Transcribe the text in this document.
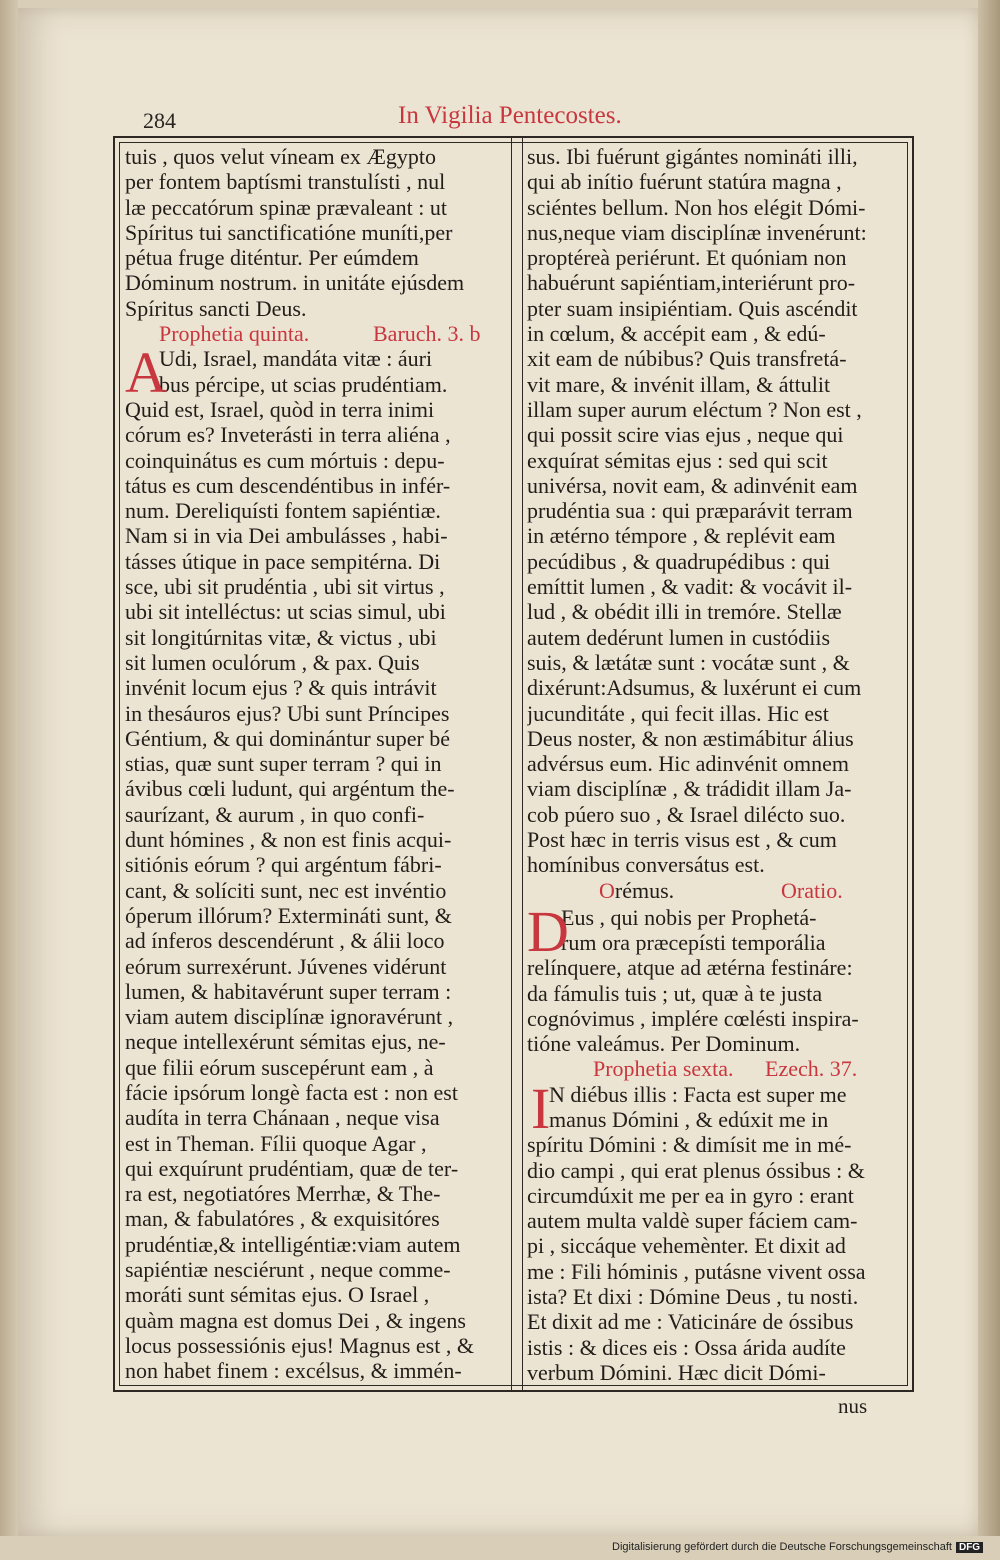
284	In Vigilia Pentecostes.
tuis , quos velut víneam ex Ægypto
per fontem baptísmi transtulísti , nul
læ peccatórum spinæ prævaleant : ut
Spíritus tui sanctificatióne muníti,per
pétua fruge diténtur. Per eúmdem
Dóminum nostrum. in unitáte ejúsdem
Spíritus sancti Deus.
Prophetia quinta.	Baruch. 3. b
A
Udi, Israel, mandáta vitæ : áuri
bus pércipe, ut scias prudéntiam.
Quid est, Israel, quòd in terra inimi
córum es? Inveterásti in terra aliéna ,
coinquinátus es cum mórtuis : depu-
tátus es cum descendéntibus in infér-
num. Dereliquísti fontem sapiéntiæ.
Nam si in via Dei ambulásses , habi-
tásses útique in pace sempitérna. Di
sce, ubi sit prudéntia , ubi sit virtus ,
ubi sit intelléctus: ut scias simul, ubi
sit longitúrnitas vitæ, & victus , ubi
sit lumen oculórum , & pax. Quis
invénit locum ejus ? & quis intrávit
in thesáuros ejus? Ubi sunt Príncipes
Géntium, & qui dominántur super bé
stias, quæ sunt super terram ? qui in
ávibus cœli ludunt, qui argéntum the-
saurízant, & aurum , in quo confi-
dunt hómines , & non est finis acqui-
sitiónis eórum ? qui argéntum fábri-
cant, & solíciti sunt, nec est invéntio
óperum illórum? Extermináti sunt, &
ad ínferos descendérunt , & álii loco
eórum surrexérunt. Júvenes vidérunt
lumen, & habitavérunt super terram :
viam autem disciplínæ ignoravérunt ,
neque intellexérunt sémitas ejus, ne-
que filii eórum suscepérunt eam , à
fácie ipsórum longè facta est : non est
audíta in terra Chánaan , neque visa
est in Theman. Fílii quoque Agar ,
qui exquírunt prudéntiam, quæ de ter-
ra est, negotiatóres Merrhæ, & The-
man, & fabulatóres , & exquisitóres
prudéntiæ,& intelligéntiæ:viam autem
sapiéntiæ nesciérunt , neque comme-
moráti sunt sémitas ejus. O Israel ,
quàm magna est domus Dei , & ingens
locus possessiónis ejus! Magnus est , &
non habet finem : excélsus, & immén-
sus. Ibi fuérunt gigántes nomináti illi,
qui ab inítio fuérunt statúra magna ,
sciéntes bellum. Non hos elégit Dómi-
nus,neque viam disciplínæ invenérunt:
proptéreà periérunt. Et quóniam non
habuérunt sapiéntiam,interiérunt pro-
pter suam insipiéntiam. Quis ascéndit
in cœlum, & accépit eam , & edú-
xit eam de núbibus? Quis transfretá-
vit mare, & invénit illam, & áttulit
illam super aurum eléctum ? Non est ,
qui possit scire vias ejus , neque qui
exquírat sémitas ejus : sed qui scit
univérsa, novit eam, & adinvénit eam
prudéntia sua : qui præparávit terram
in ætérno témpore , & replévit eam
pecúdibus , & quadrupédibus : qui
emíttit lumen , & vadit: & vocávit il-
lud , & obédit illi in tremóre. Stellæ
autem dedérunt lumen in custódiis
suis, & lætátæ sunt : vocátæ sunt , &
dixérunt:Adsumus, & luxérunt ei cum
jucunditáte , qui fecit illas. Hic est
Deus noster, & non æstimábitur álius
advérsus eum. Hic adinvénit omnem
viam disciplínæ , & trádidit illam Ja-
cob púero suo , & Israel dilécto suo.
Post hæc in terris visus est , & cum
homínibus conversátus est.
Orémus.	Oratio.
D
Eus , qui nobis per Prophetá-
rum ora præcepísti temporália
relínquere, atque ad ætérna festináre:
da fámulis tuis ; ut, quæ à te justa
cognóvimus , implére cœlésti inspira-
tióne valeámus. Per Dominum.
Prophetia sexta. Ezech. 37.
I
N diébus illis : Facta est super me
manus Dómini , & edúxit me in
spíritu Dómini : & dimísit me in mé-
dio campi , qui erat plenus óssibus : &
circumdúxit me per ea in gyro : erant
autem multa valdè super fáciem cam-
pi , siccáque vehemènter. Et dixit ad
me : Fili hóminis , putásne vivent ossa
ista? Et dixi : Dómine Deus , tu nosti.
Et dixit ad me : Vaticináre de óssibus
istis : & dices eis : Ossa árida audíte
verbum Dómini. Hæc dicit Dómi-
nus
Digitalisierung gefördert durch die Deutsche Forschungsgemeinschaft DFG
